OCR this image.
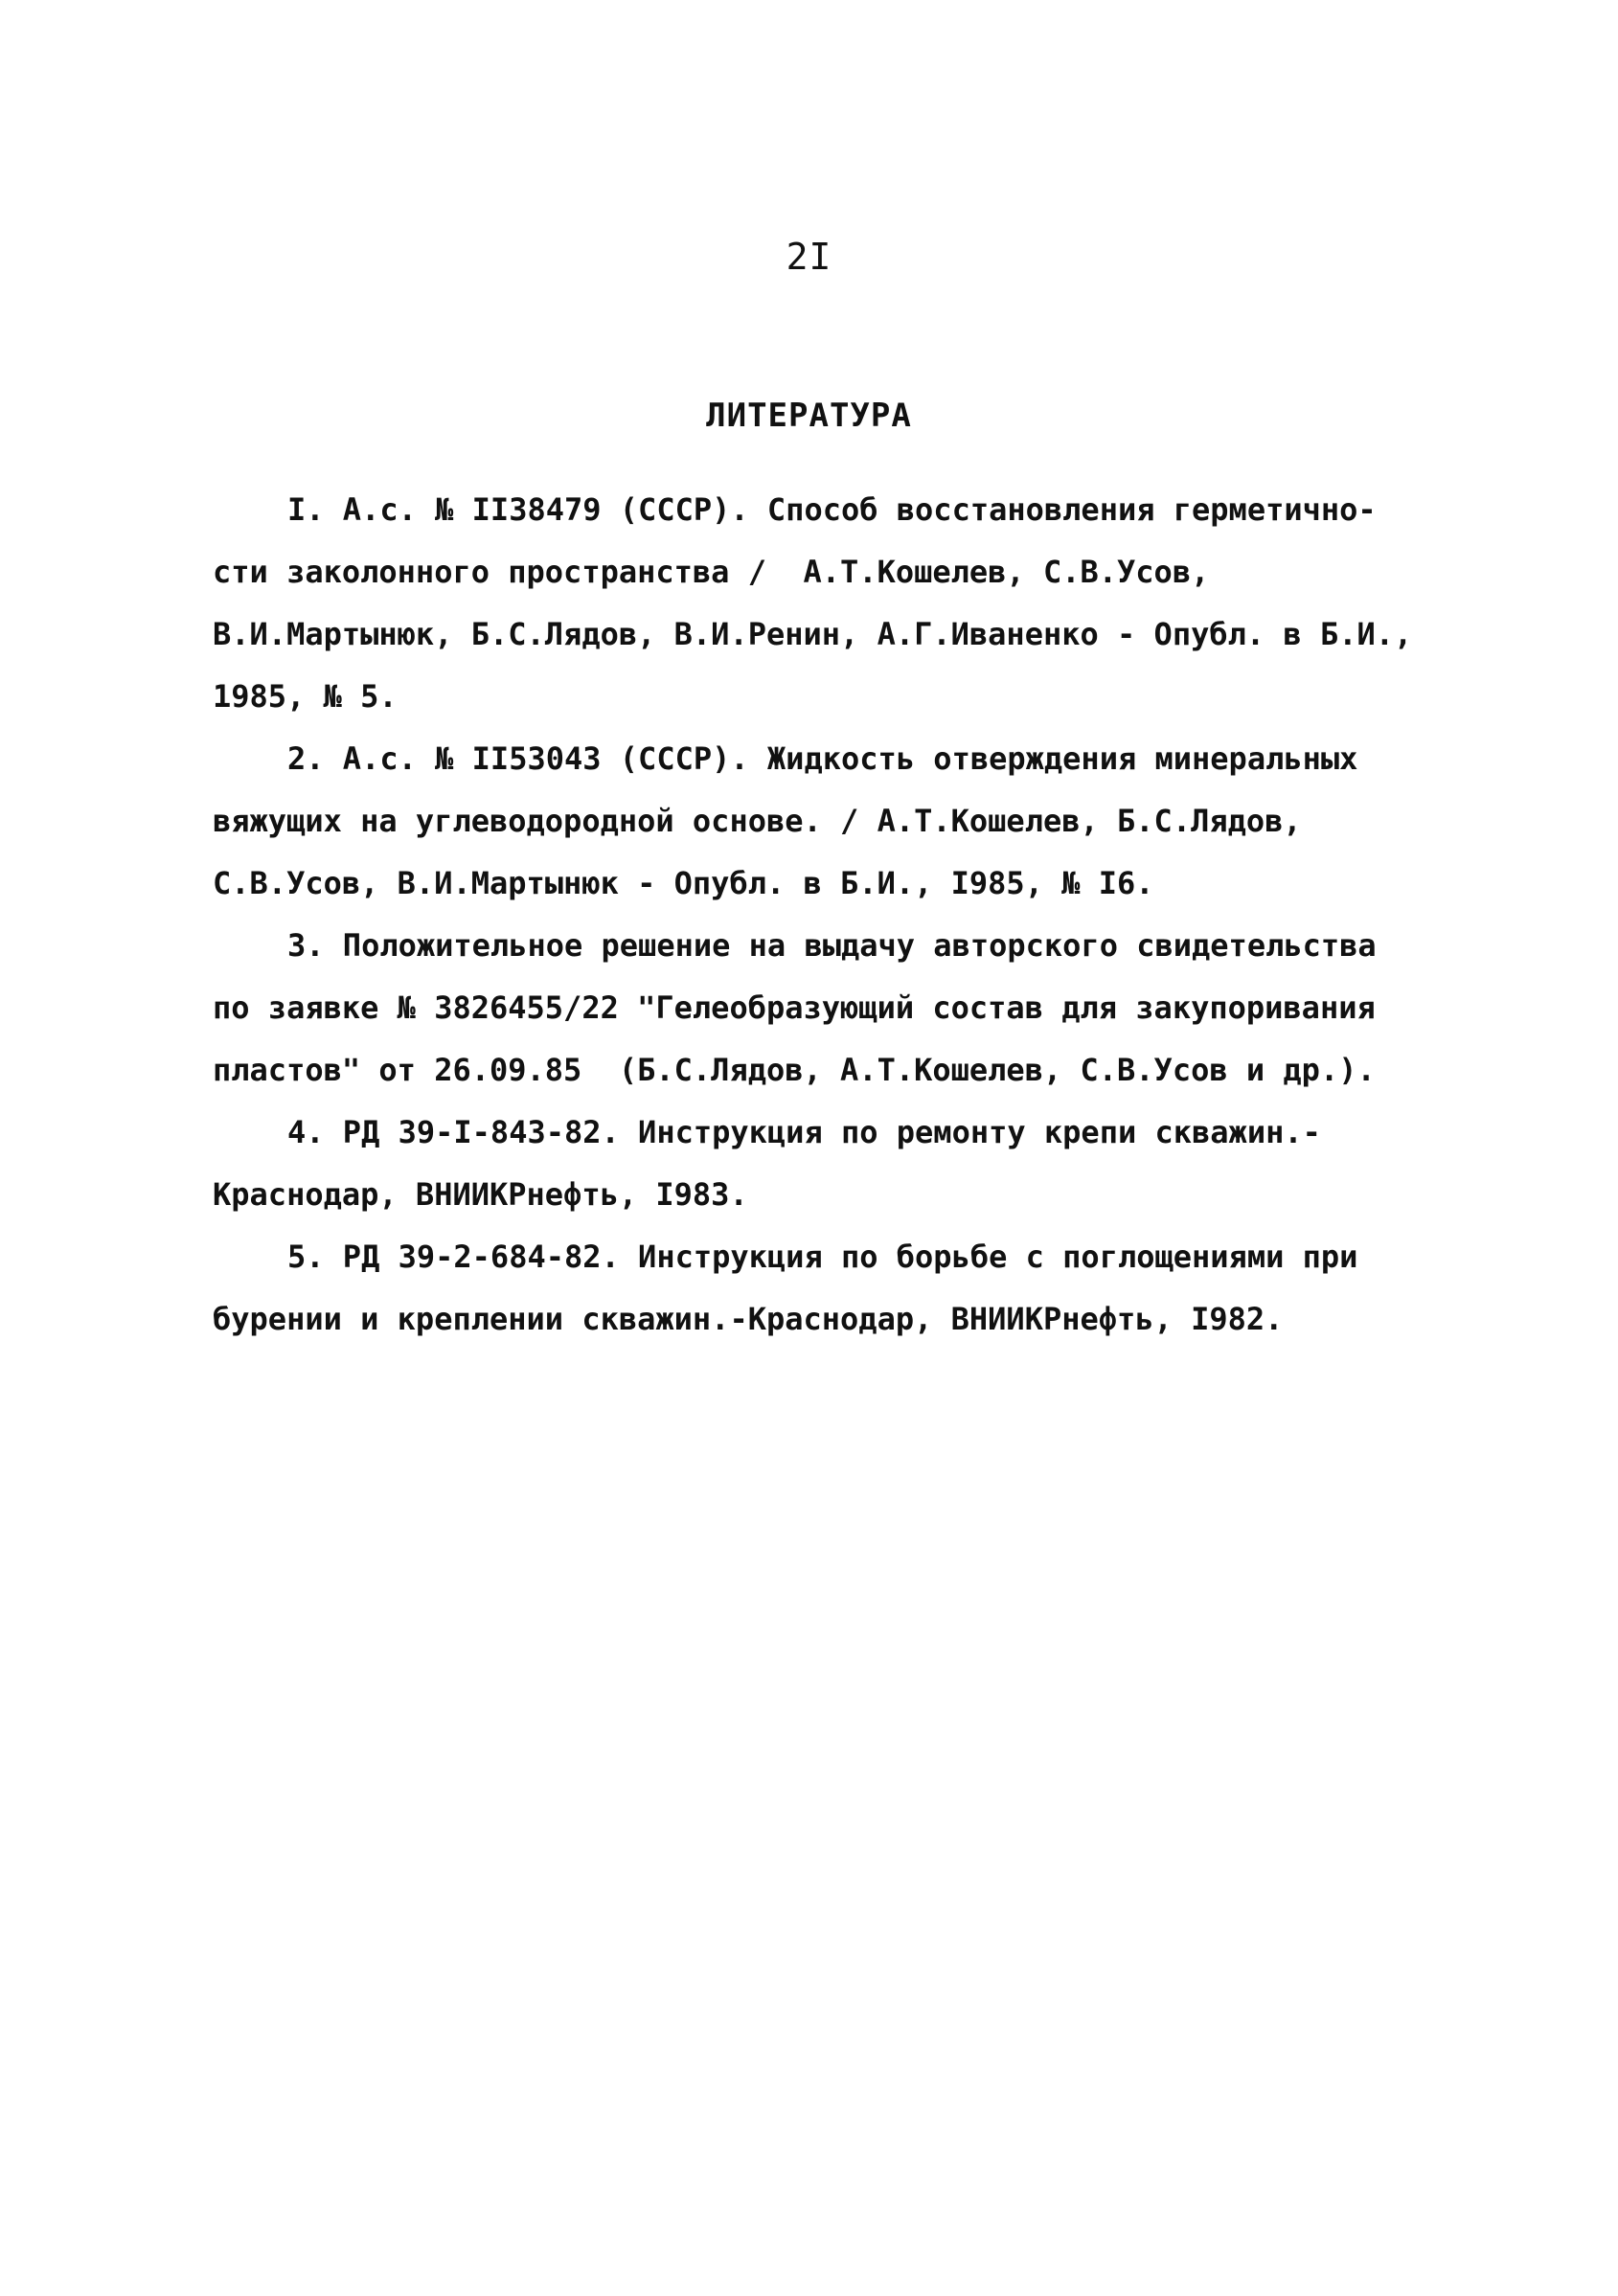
2I
ЛИТЕРАТУРА
I. А.с. № II38479 (СССР). Способ восстановления герметично-
сти заколонного пространства /  А.Т.Кошелев, С.В.Усов,
В.И.Мартынюк, Б.С.Лядов, В.И.Ренин, А.Г.Иваненко - Опубл. в Б.И.,
1985, № 5.
2. А.с. № II53043 (СССР). Жидкость отверждения минеральных
вяжущих на углеводородной основе. / А.Т.Кошелев, Б.С.Лядов,
С.В.Усов, В.И.Мартынюк - Опубл. в Б.И., I985, № I6.
3. Положительное решение на выдачу авторского свидетельства
по заявке № 3826455/22 "Гелеобразующий состав для закупоривания
пластов" от 26.09.85  (Б.С.Лядов, А.Т.Кошелев, С.В.Усов и др.).
4. РД 39-I-843-82. Инструкция по ремонту крепи скважин.-
Краснодар, ВНИИКРнефть, I983.
5. РД 39-2-684-82. Инструкция по борьбе с поглощениями при
бурении и креплении скважин.-Краснодар, ВНИИКРнефть, I982.
